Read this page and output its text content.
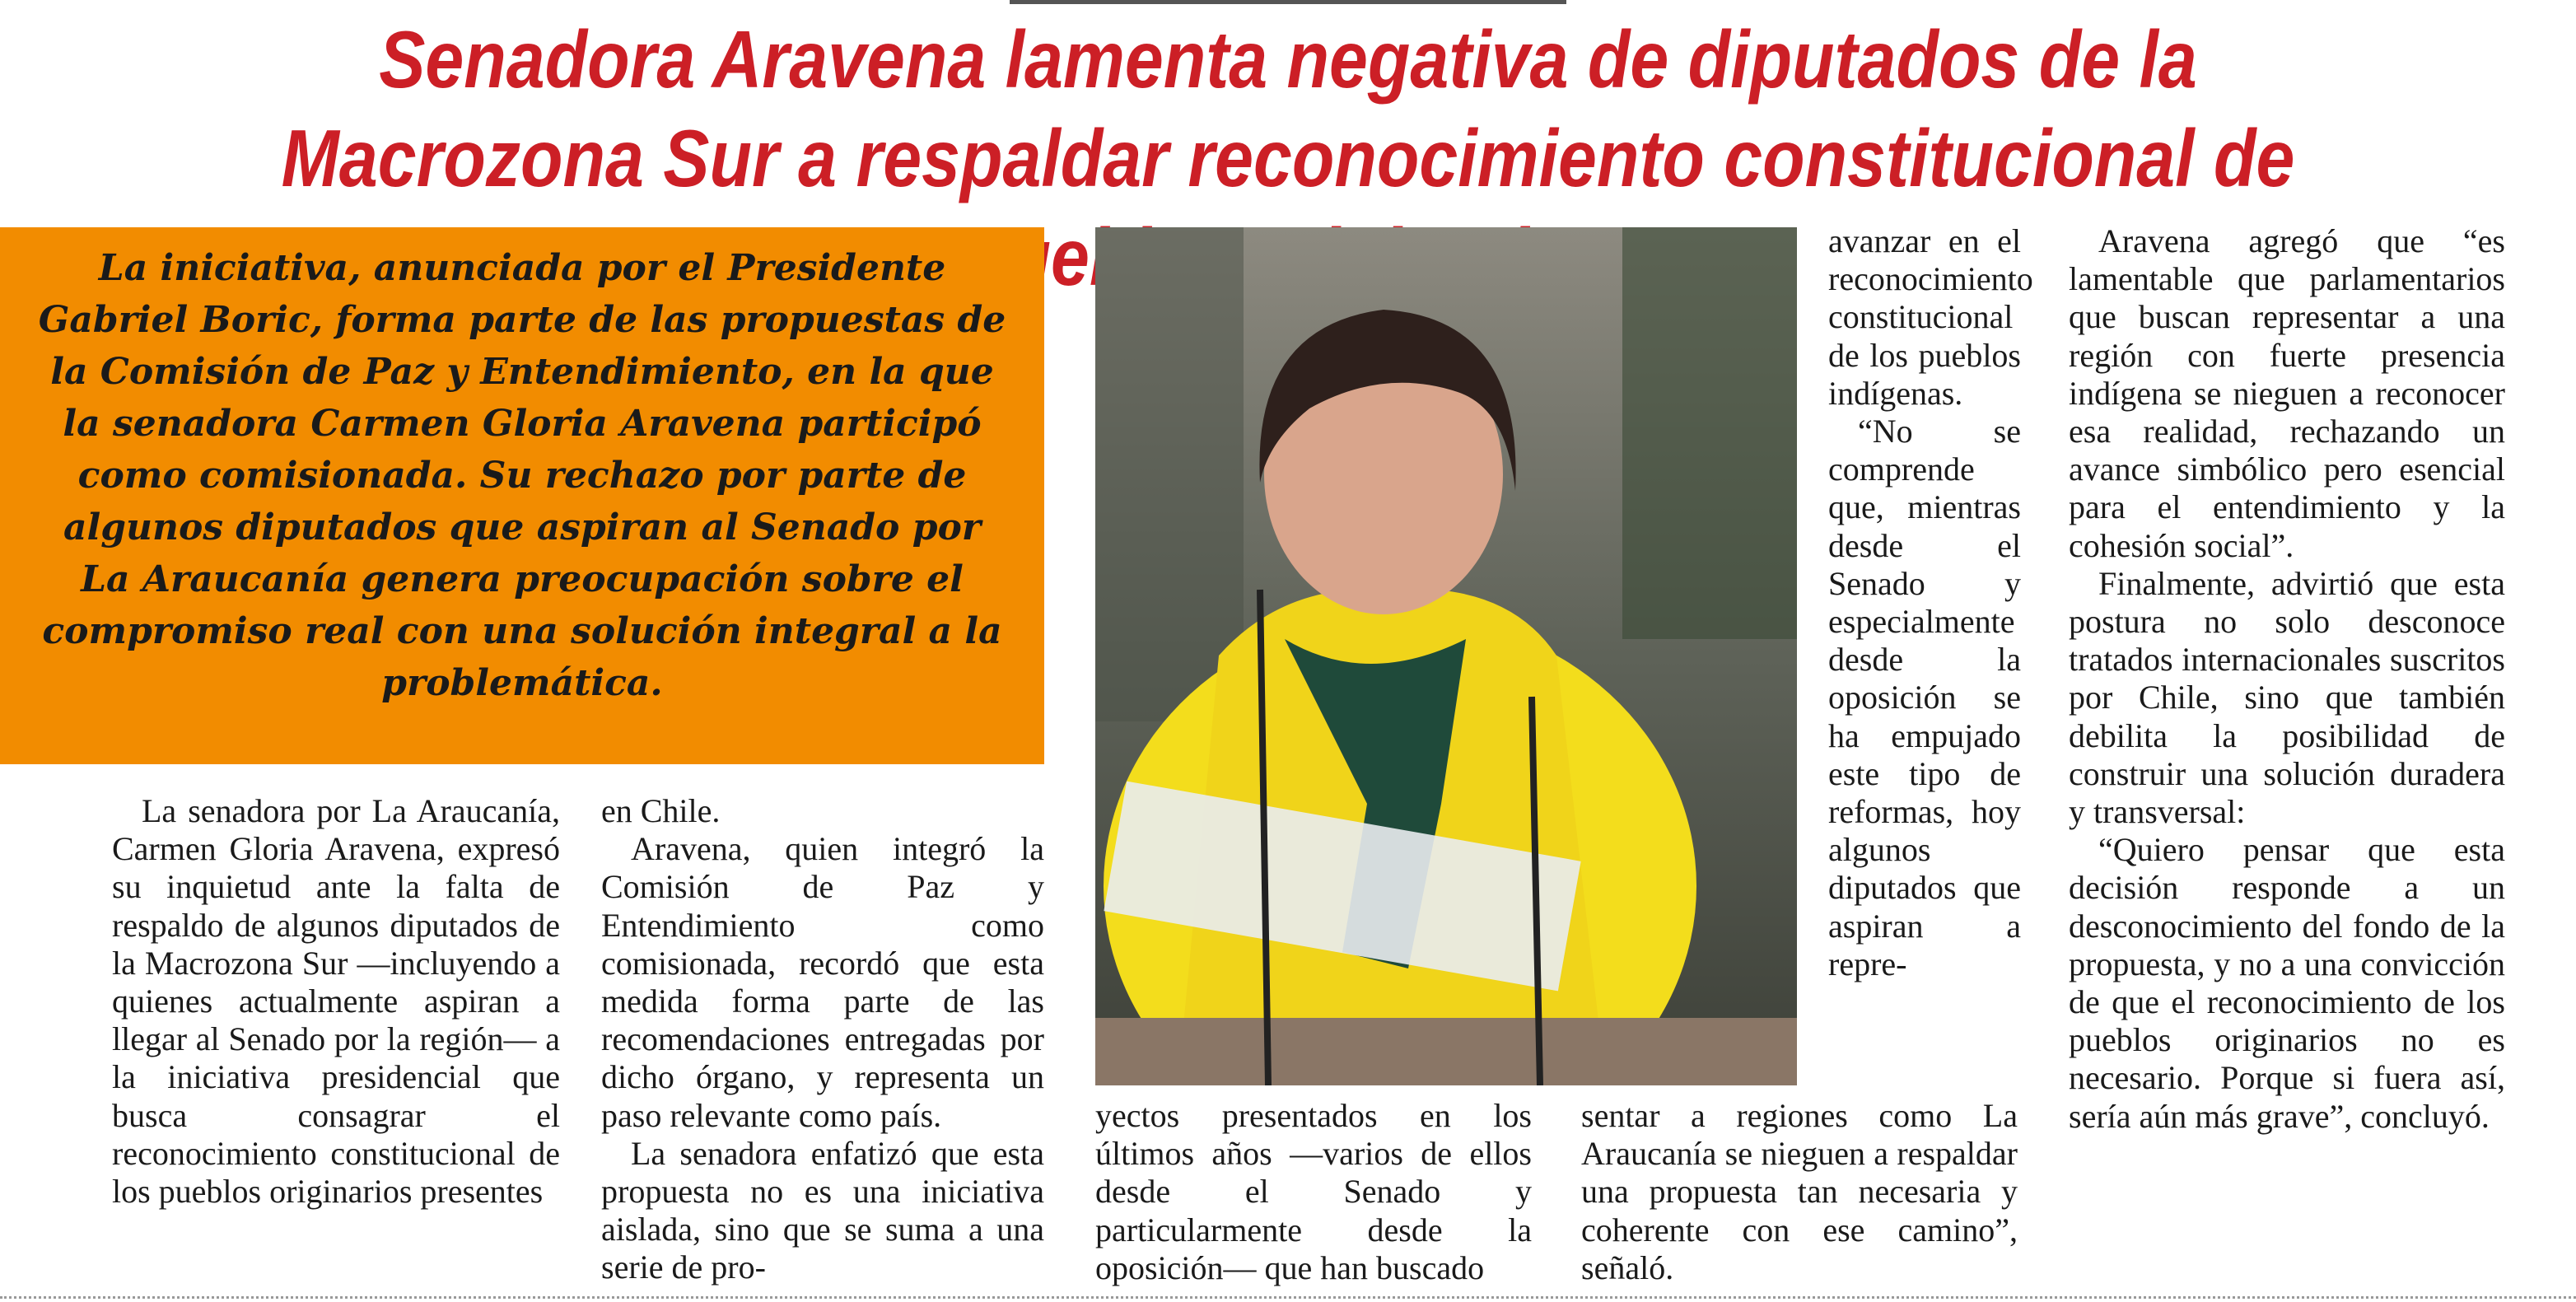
Senadora Aravena lamenta negativa de diputados de la Macrozona Sur a respaldar reconocimiento constitucional de

La iniciativa, anunciada por el Presidente Gabriel Boric, forma parte de las propuestas de la Comisión de Paz y Entendimiento, en la que la senadora Carmen Gloria Aravena participó como comisionada. Su rechazo por parte de algunos diputados que aspiran al Senado por La Araucanía genera preocupación sobre el compromiso real con una solución integral a la problemática.

La senadora por La Araucanía, Carmen Gloria Aravena, expresó su inquietud ante la falta de respaldo de algunos diputados de la Macrozona Sur —incluyendo a quienes actualmente aspiran a llegar al Senado por la región— a la iniciativa presidencial que busca consagrar el reconocimiento constitucional de los pueblos originarios presentes

en Chile.

Aravena, quien integró la Comisión de Paz y Entendimiento como comisionada, recordó que esta medida forma parte de las recomendaciones entregadas por dicho órgano, y representa un paso relevante como país.

La senadora enfatizó que esta propuesta no es una iniciativa aislada, sino que se suma a una serie de pro-

yectos presentados en los últimos años —varios de ellos desde el Senado y particularmente desde la oposición— que han buscado

avanzar en el reconocimiento constitucional de los pueblos indígenas.

“No se comprende que, mientras desde el Senado y especialmente desde la oposición se ha empujado este tipo de reformas, hoy algunos diputados que aspiran a repre-

sentar a regiones como La Araucanía se nieguen a respaldar una propuesta tan necesaria y coherente con ese camino”, señaló.

Aravena agregó que “es lamentable que parlamentarios que buscan representar a una región con fuerte presencia indígena se nieguen a reconocer esa realidad, rechazando un avance simbólico pero esencial para el entendimiento y la cohesión social”.

Finalmente, advirtió que esta postura no solo desconoce tratados internacionales suscritos por Chile, sino que también debilita la posibilidad de construir una solución duradera y transversal:

“Quiero pensar que esta decisión responde a un desconocimiento del fondo de la propuesta, y no a una convicción de que el reconocimiento de los pueblos originarios no es necesario. Porque si fuera así, sería aún más grave”, concluyó.
